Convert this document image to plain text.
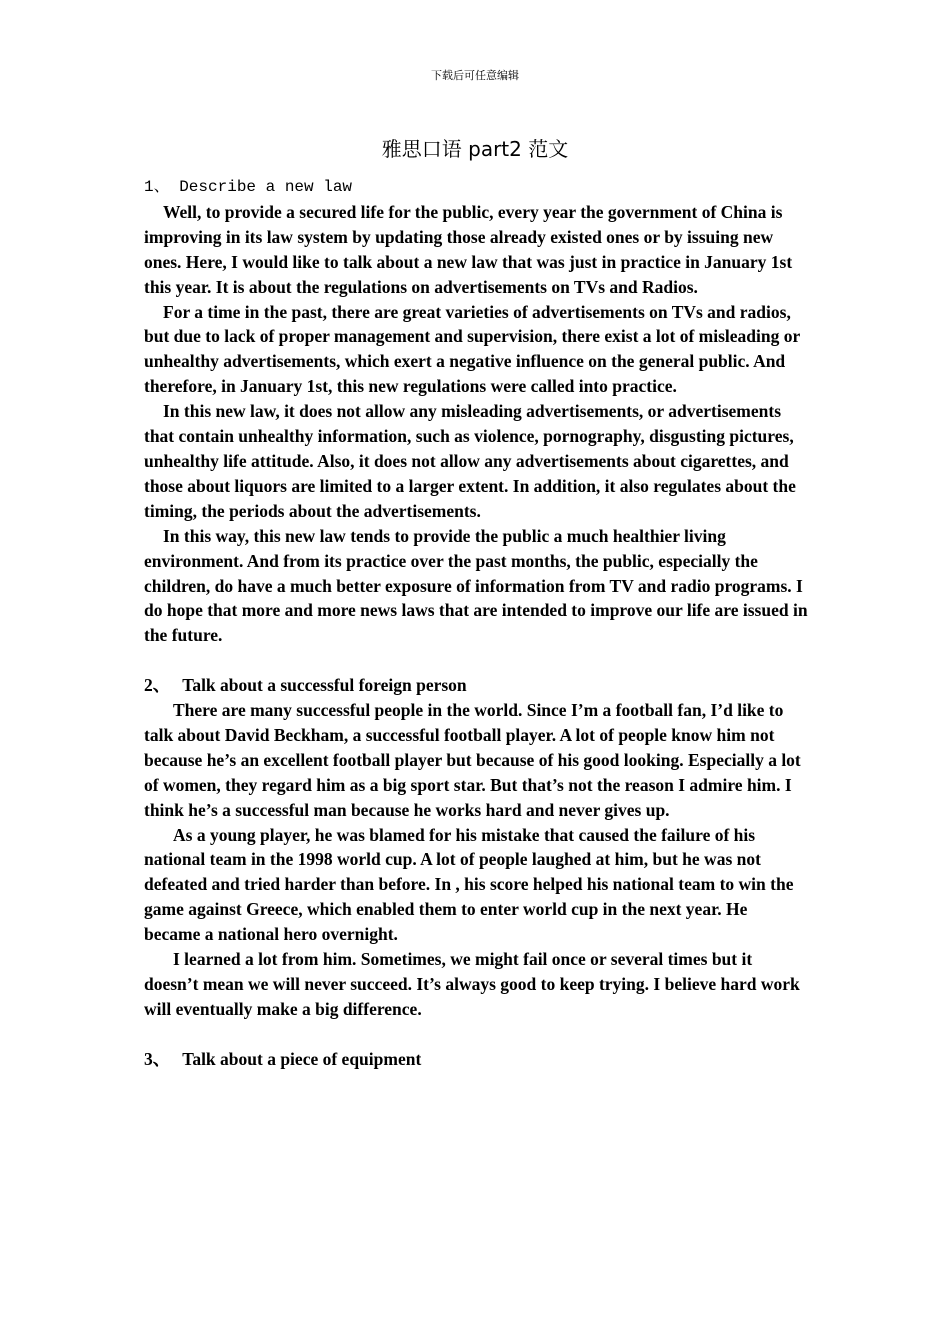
下载后可任意编辑
雅思口语 part2 范文

1、 Describe a new law

Well, to provide a secured life for the public, every year the government of China is improving in its law system by updating those already existed ones or by issuing new ones. Here, I would like to talk about a new law that was just in practice in January 1st this year. It is about the regulations on advertisements on TVs and Radios.

For a time in the past, there are great varieties of advertisements on TVs and radios, but due to lack of proper management and supervision, there exist a lot of misleading or unhealthy advertisements, which exert a negative influence on the general public. And therefore, in January 1st, this new regulations were called into practice.

In this new law, it does not allow any misleading advertisements, or advertisements that contain unhealthy information, such as violence, pornography, disgusting pictures, unhealthy life attitude. Also, it does not allow any advertisements about cigarettes, and those about liquors are limited to a larger extent. In addition, it also regulates about the timing, the periods about the advertisements.

In this way, this new law tends to provide the public a much healthier living environment. And from its practice over the past months, the public, especially the children, do have a much better exposure of information from TV and radio programs. I do hope that more and more news laws that are intended to improve our life are issued in the future.

2、 Talk about a successful foreign person

There are many successful people in the world. Since I’m a football fan, I’d like to talk about David Beckham, a successful football player. A lot of people know him not because he’s an excellent football player but because of his good looking. Especially a lot of women, they regard him as a big sport star. But that’s not the reason I admire him. I think he’s a successful man because he works hard and never gives up.

As a young player, he was blamed for his mistake that caused the failure of his

national team in the 1998 world cup. A lot of people laughed at him, but he was not defeated and tried harder than before. In , his score helped his national team to win the game against Greece, which enabled them to enter world cup in the next year. He became a national hero overnight.

I learned a lot from him. Sometimes, we might fail once or several times but it doesn’t mean we will never succeed. It’s always good to keep trying. I believe hard work will eventually make a big difference.

3、 Talk about a piece of equipment
